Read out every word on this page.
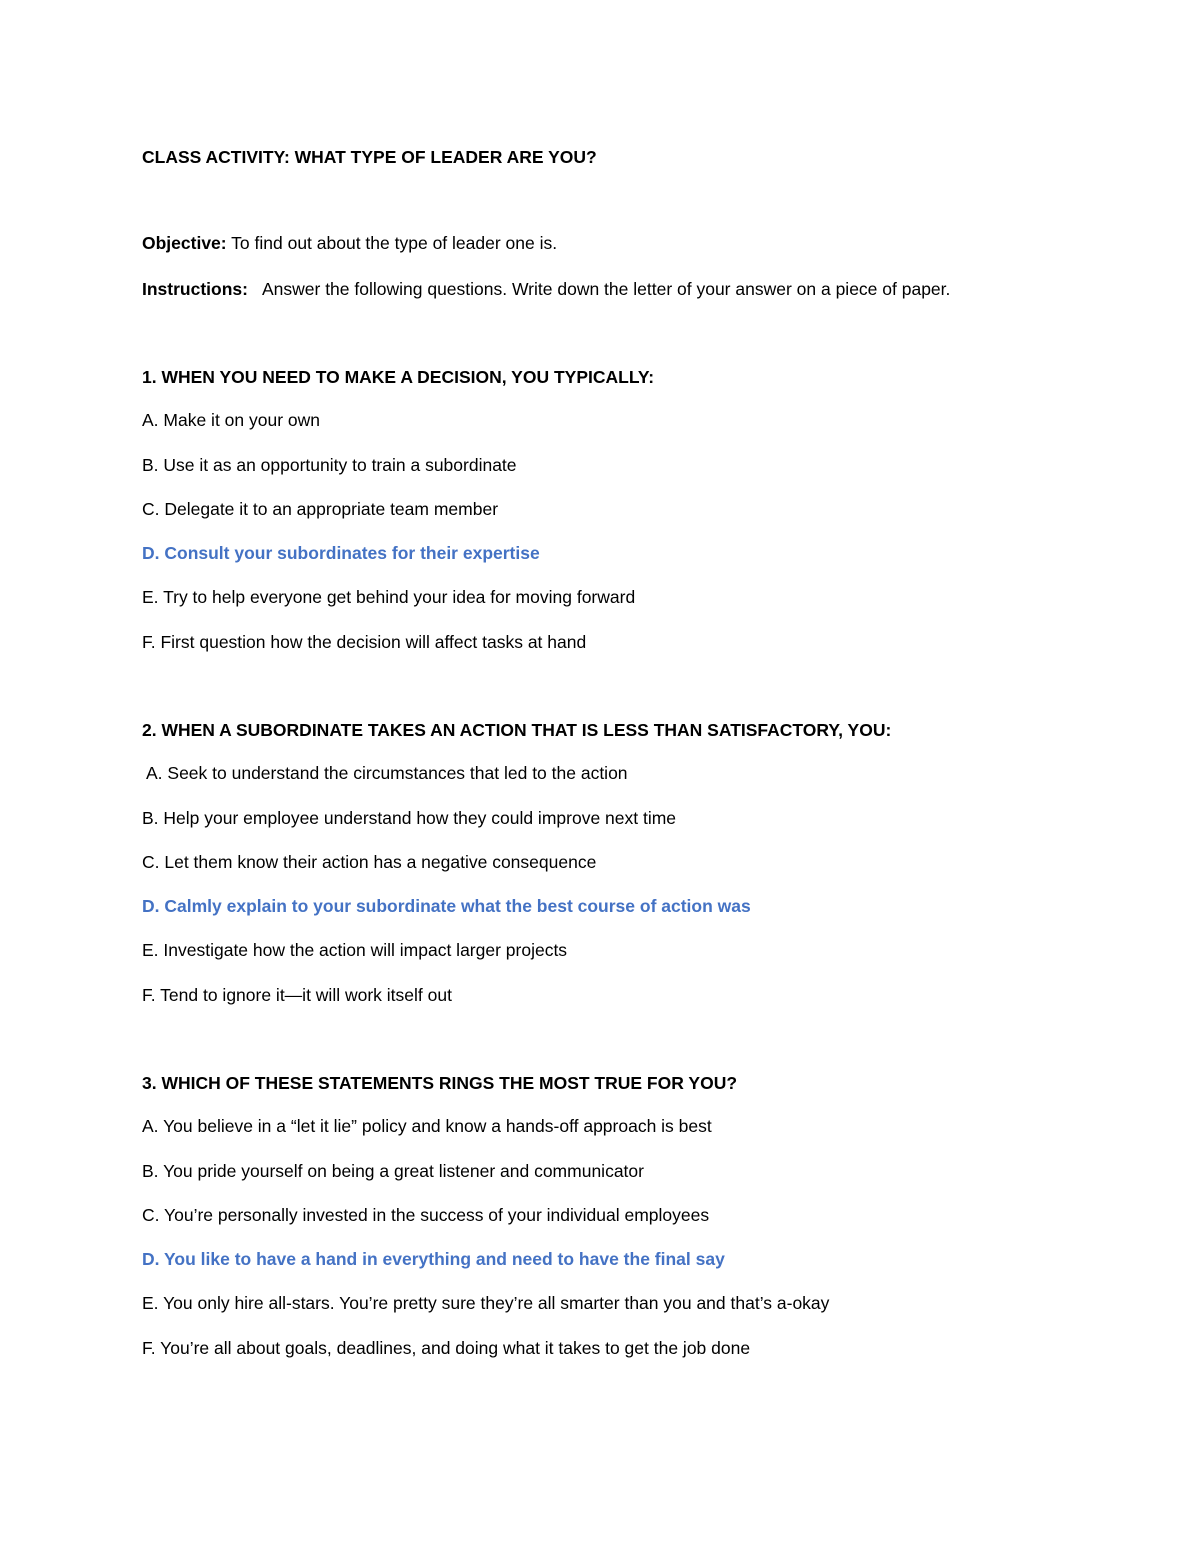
CLASS ACTIVITY: WHAT TYPE OF LEADER ARE YOU?

Objective: To find out about the type of leader one is.

Instructions: Answer the following questions. Write down the letter of your answer on a piece of paper.

1. WHEN YOU NEED TO MAKE A DECISION, YOU TYPICALLY:

A. Make it on your own

B. Use it as an opportunity to train a subordinate

C. Delegate it to an appropriate team member

D. Consult your subordinates for their expertise

E. Try to help everyone get behind your idea for moving forward

F. First question how the decision will affect tasks at hand

2. WHEN A SUBORDINATE TAKES AN ACTION THAT IS LESS THAN SATISFACTORY, YOU:

A. Seek to understand the circumstances that led to the action

B. Help your employee understand how they could improve next time

C. Let them know their action has a negative consequence

D. Calmly explain to your subordinate what the best course of action was

E. Investigate how the action will impact larger projects

F. Tend to ignore it—it will work itself out

3. WHICH OF THESE STATEMENTS RINGS THE MOST TRUE FOR YOU?

A. You believe in a “let it lie” policy and know a hands-off approach is best

B. You pride yourself on being a great listener and communicator

C. You’re personally invested in the success of your individual employees

D. You like to have a hand in everything and need to have the final say

E. You only hire all-stars. You’re pretty sure they’re all smarter than you and that’s a-okay

F. You’re all about goals, deadlines, and doing what it takes to get the job done
